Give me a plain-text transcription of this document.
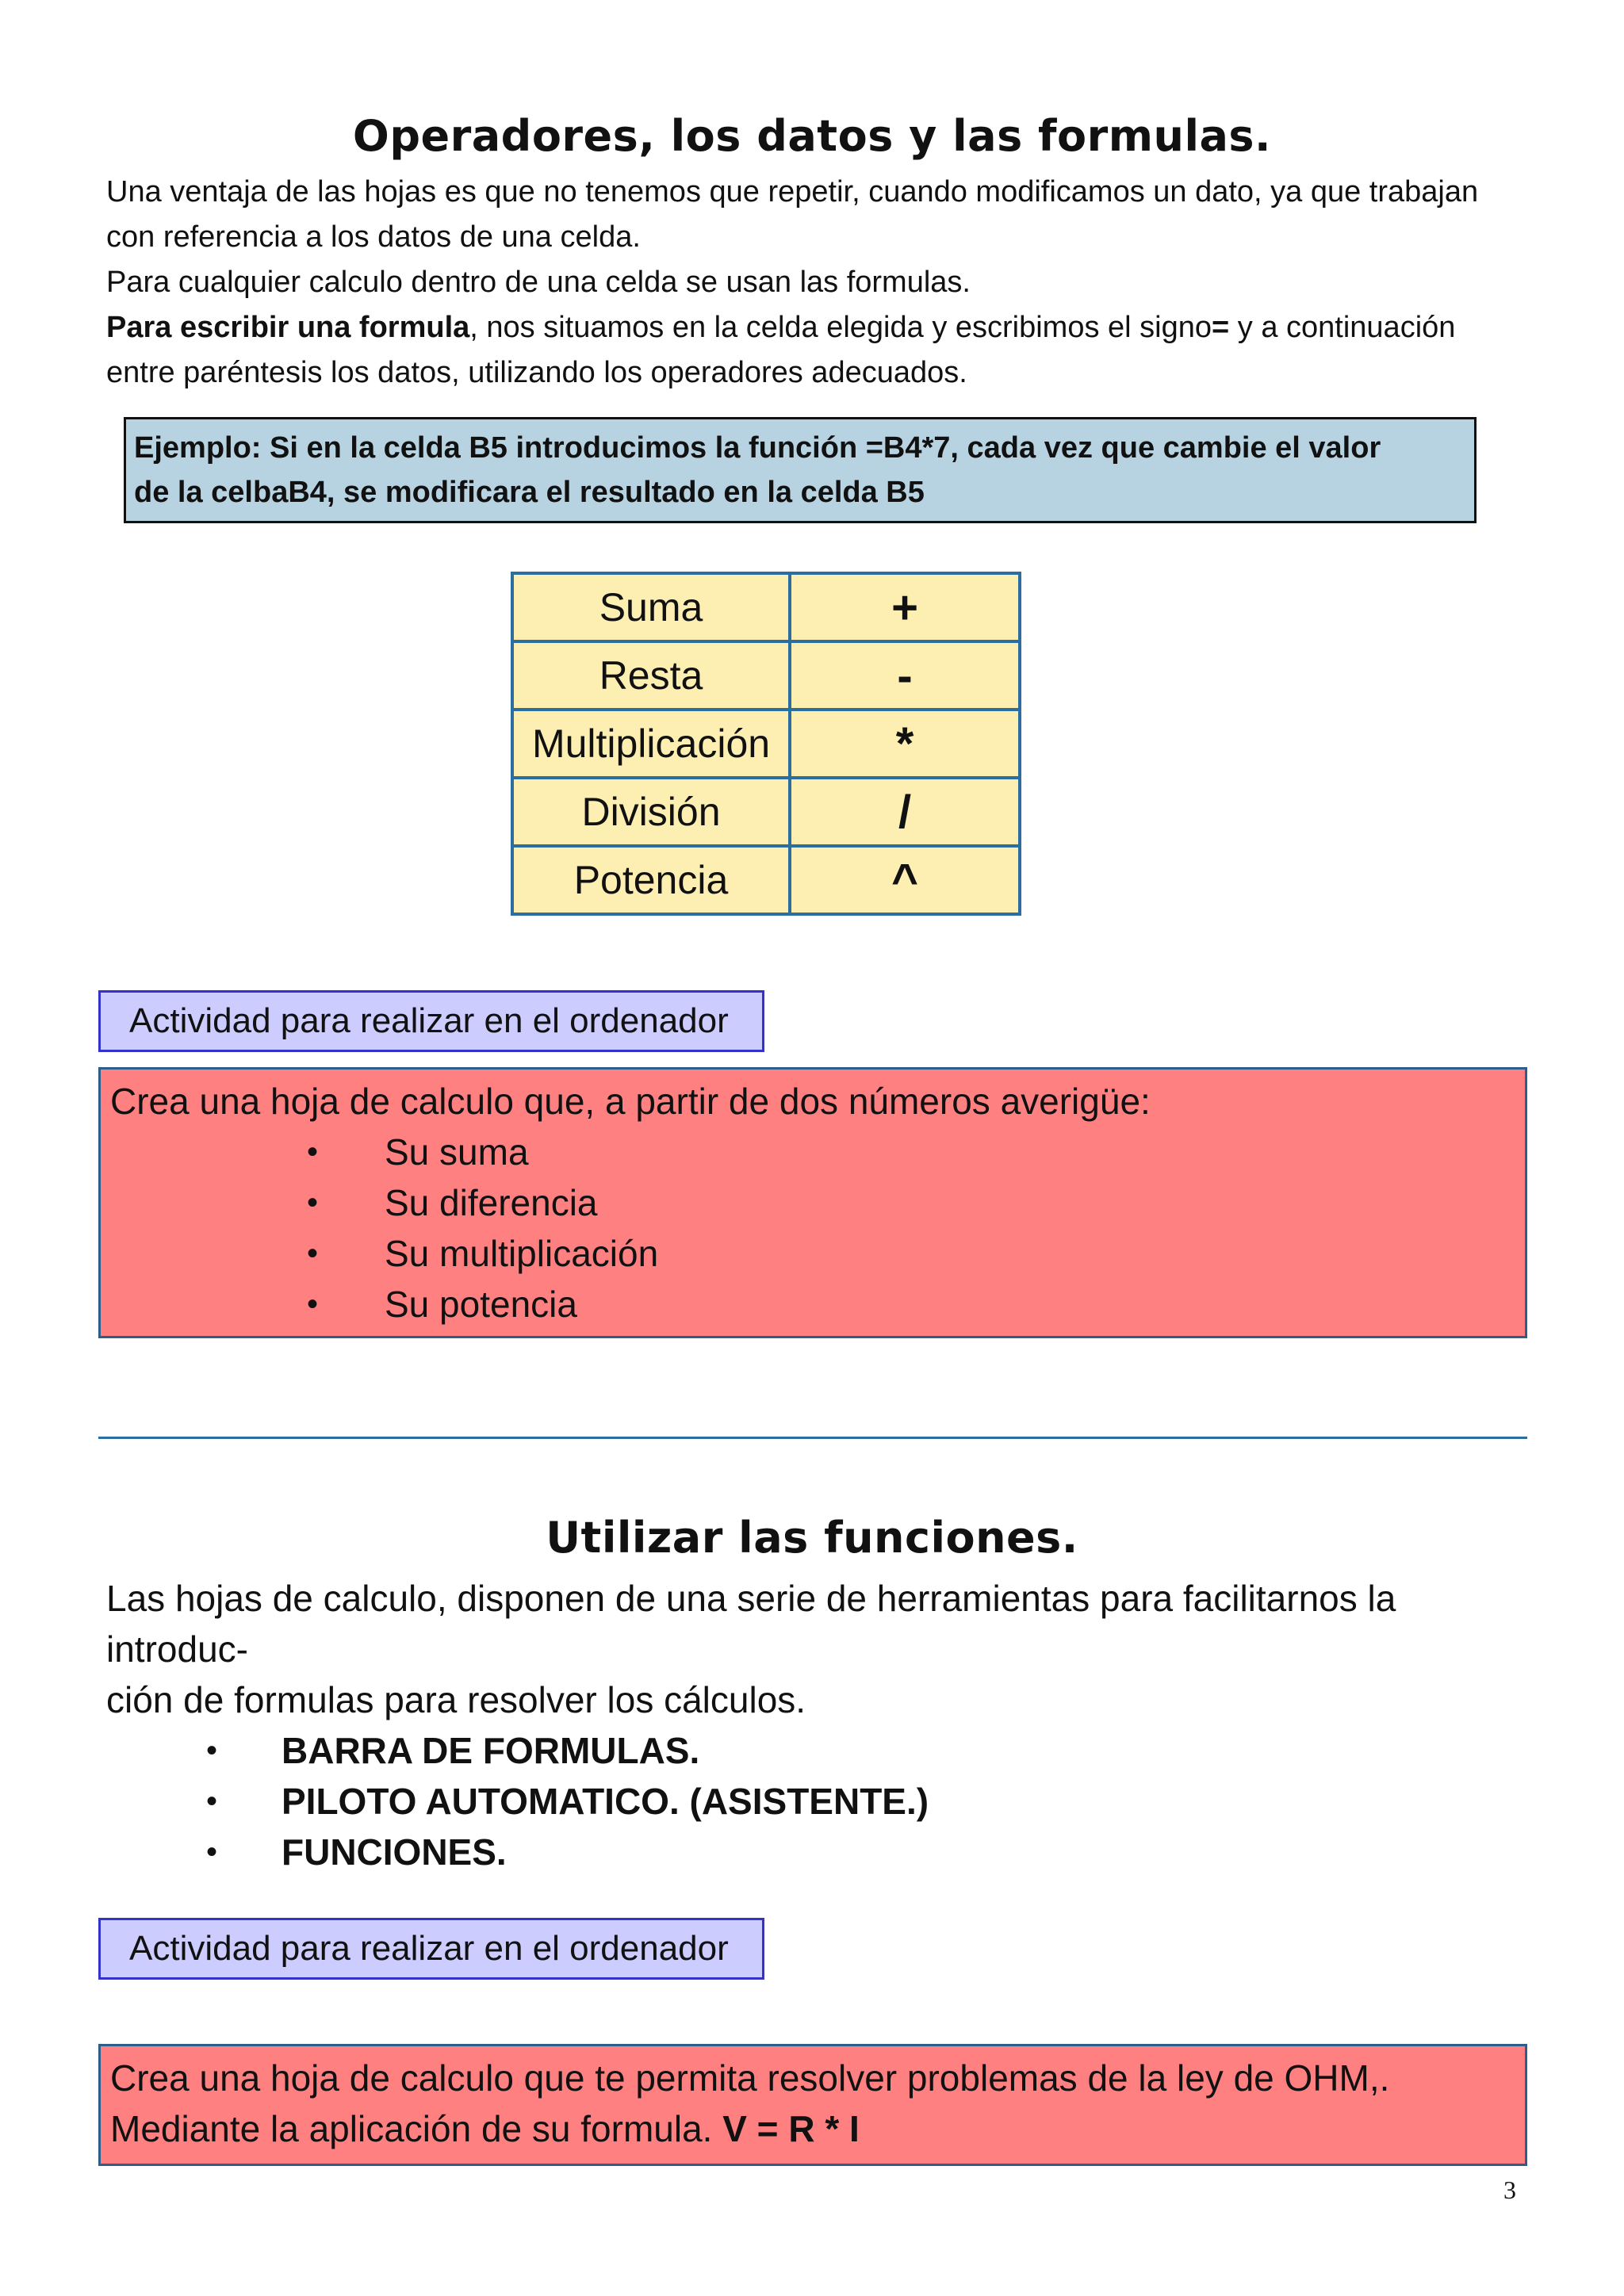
Operadores, los datos y las formulas.

Una ventaja de las hojas es que no tenemos que repetir, cuando modificamos un dato, ya que trabajan

con referencia a los datos de una celda.

Para cualquier calculo dentro de una celda se usan las formulas.

Para escribir una formula, nos situamos en la celda elegida y escribimos el signo= y a continuación

entre paréntesis los datos, utilizando los operadores adecuados.

Ejemplo: Si en la celda B5 introducimos la función =B4*7, cada vez que cambie el valor
de la celbaB4, se modificara el resultado en la celda B5
Suma	+
Resta	-
Multiplicación	*
División	/
Potencia	^
Actividad para realizar en el ordenador
Crea una hoja de calculo que, a partir de dos números averigüe:
• Su suma
• Su diferencia
• Su multiplicación
• Su potencia
Utilizar las funciones.
Las hojas de calculo, disponen de una serie de herramientas para facilitarnos la introduc-
ción de formulas para resolver los cálculos.
• BARRA DE FORMULAS.
• PILOTO AUTOMATICO. (ASISTENTE.)
• FUNCIONES.
Actividad para realizar en el ordenador
Crea una hoja de calculo que te permita resolver problemas de la ley de OHM,.
Mediante la aplicación de su formula. V = R * I
3
